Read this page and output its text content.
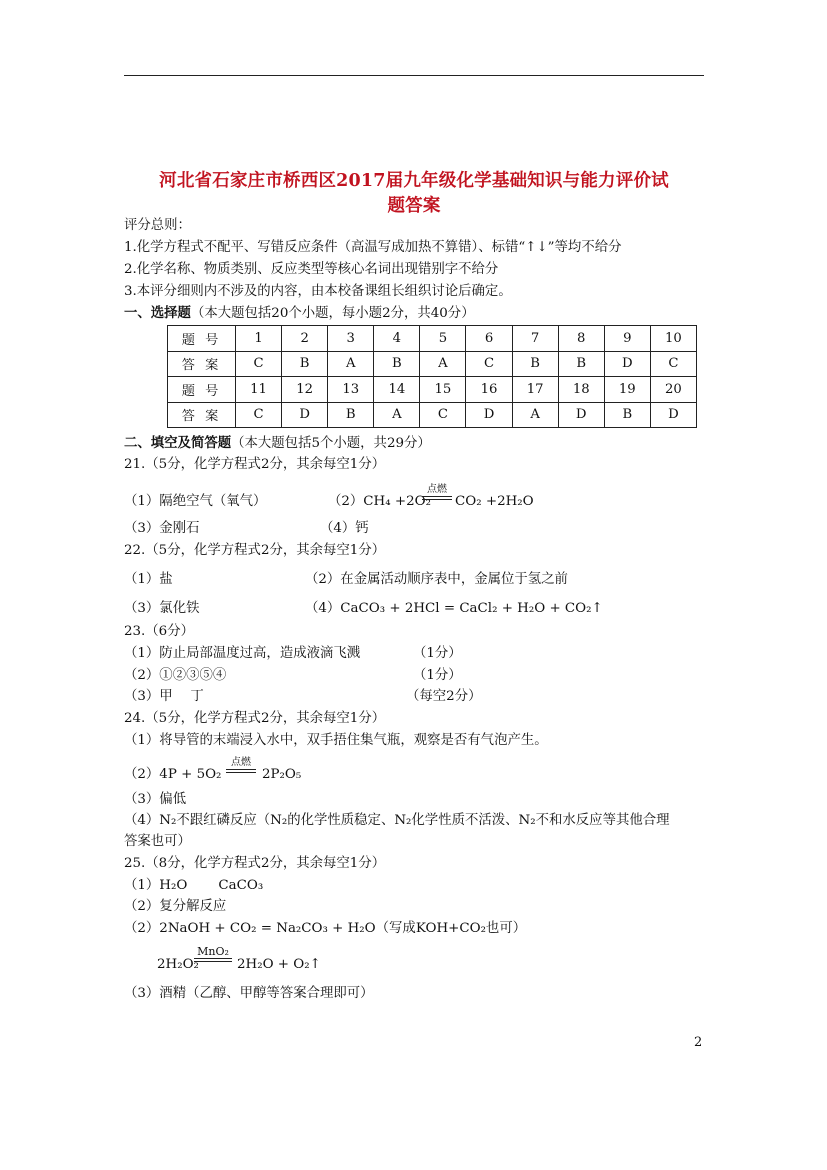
河北省石家庄市桥西区2017届九年级化学基础知识与能力评价试
题答案
评分总则：
1.化学方程式不配平、写错反应条件（高温写成加热不算错）、标错“↑↓”等均不给分
2.化学名称、物质类别、反应类型等核心名词出现错别字不给分
3.本评分细则内不涉及的内容，由本校备课组长组织讨论后确定。
一、选择题（本大题包括20个小题，每小题2分，共40分）
题 号	1	2	3	4	5	6	7	8	9	10
答 案	C	B	A	B	A	C	B	B	D	C
题 号	11	12	13	14	15	16	17	18	19	20
答 案	C	D	B	A	C	D	A	D	B	D
二、填空及简答题（本大题包括5个小题，共29分）
21.（5分，化学方程式2分，其余每空1分）
（1）隔绝空气（氧气）	（2）CH₄ +2O₂
点燃
CO₂ +2H₂O
（3）金刚石	（4）钙
22.（5分，化学方程式2分，其余每空1分）
（1）盐	（2）在金属活动顺序表中，金属位于氢之前
（3）氯化铁	（4）CaCO₃ + 2HCl = CaCl₂ + H₂O + CO₂↑
23.（6分）
（1）防止局部温度过高，造成液滴飞溅	（1分）
（2）①②③⑤④	（1分）
（3）甲　 丁	（每空2分）
24.（5分，化学方程式2分，其余每空1分）
（1）将导管的末端浸入水中，双手捂住集气瓶，观察是否有气泡产生。
（2）4P + 5O₂
点燃
2P₂O₅
（3）偏低
（4）N₂不跟红磷反应（N₂的化学性质稳定、N₂化学性质不活泼、N₂不和水反应等其他合理
答案也可）
25.（8分，化学方程式2分，其余每空1分）
（1）H₂O　　 CaCO₃
（2）复分解反应
（2）2NaOH + CO₂ = Na₂CO₃ + H₂O（写成KOH+CO₂也可）
2H₂O₂
MnO₂
2H₂O + O₂↑
（3）酒精（乙醇、甲醇等答案合理即可）
2
